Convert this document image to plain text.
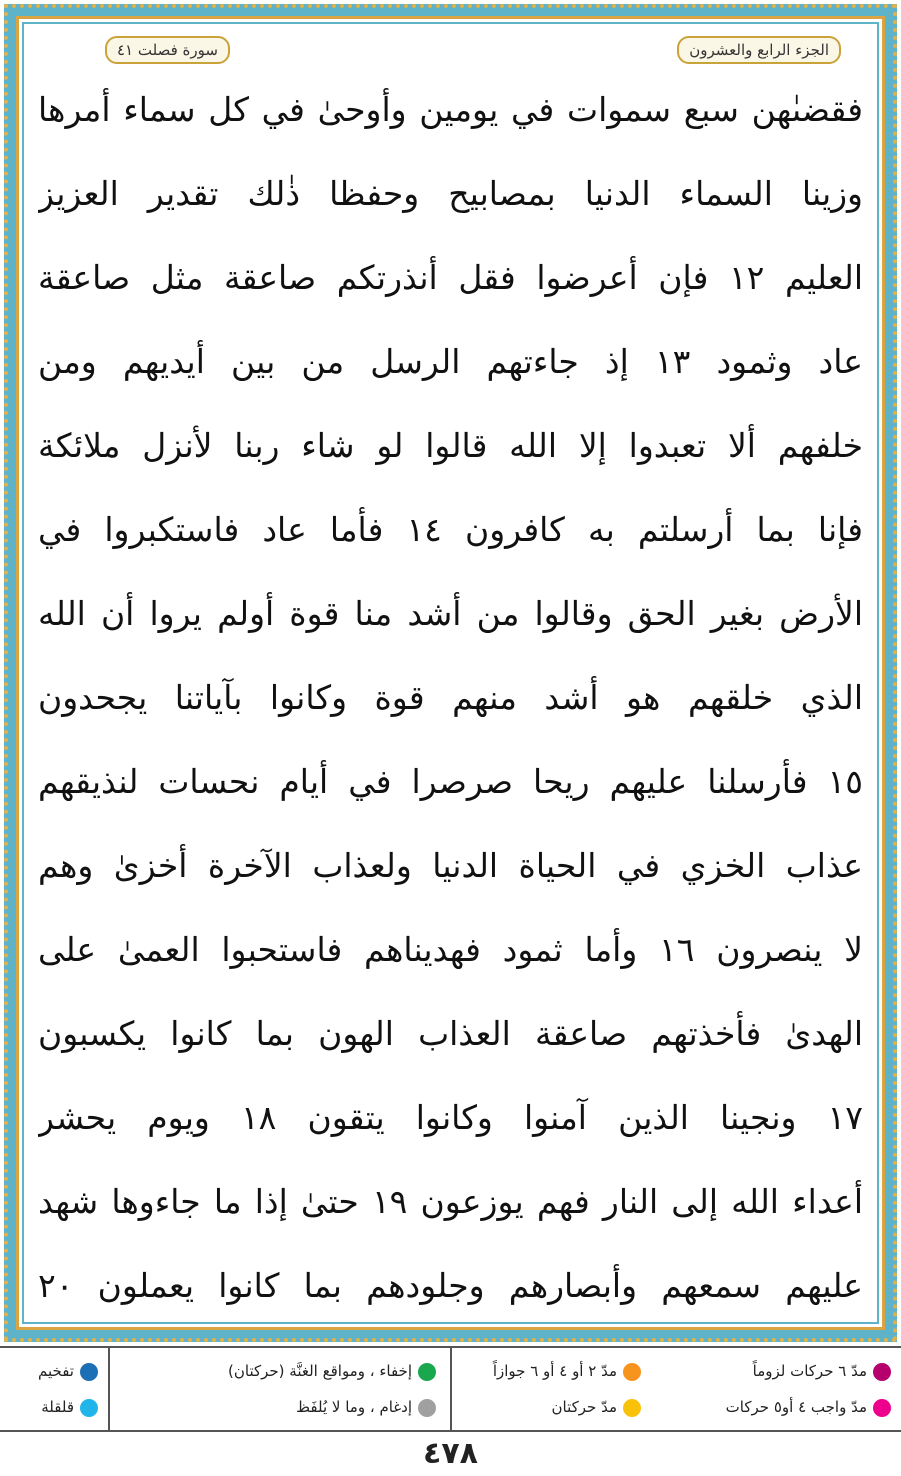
الجزء الرابع والعشرون
سورة فصلت ٤١
فقضىٰهن سبع سموات في يومين وأوحىٰ في كل سماء أمرها
وزينا السماء الدنيا بمصابيح وحفظا ذٰلك تقدير العزيز
العليم ١٢ فإن أعرضوا فقل أنذرتكم صاعقة مثل صاعقة
عاد وثمود ١٣ إذ جاءتهم الرسل من بين أيديهم ومن
خلفهم ألا تعبدوا إلا الله قالوا لو شاء ربنا لأنزل ملائكة
فإنا بما أرسلتم به كافرون ١٤ فأما عاد فاستكبروا في
الأرض بغير الحق وقالوا من أشد منا قوة أولم يروا أن الله
الذي خلقهم هو أشد منهم قوة وكانوا بآياتنا يجحدون
١٥ فأرسلنا عليهم ريحا صرصرا في أيام نحسات لنذيقهم
عذاب الخزي في الحياة الدنيا ولعذاب الآخرة أخزىٰ وهم
لا ينصرون ١٦ وأما ثمود فهديناهم فاستحبوا العمىٰ على
الهدىٰ فأخذتهم صاعقة العذاب الهون بما كانوا يكسبون
١٧ ونجينا الذين آمنوا وكانوا يتقون ١٨ ويوم يحشر
أعداء الله إلى النار فهم يوزعون ١٩ حتىٰ إذا ما جاءوها شهد
عليهم سمعهم وأبصارهم وجلودهم بما كانوا يعملون ٢٠
مدّ ٦ حركات لزوماً
مدّ ٢ أو ٤ أو ٦ جوازاً
مدّ واجب ٤ أو٥ حركات
مدّ حركتان
إخفاء ، ومواقع الغنَّة (حركتان)
إدغام ، وما لا يُلفَظ
تفخيم
قلقلة
٤٧٨
